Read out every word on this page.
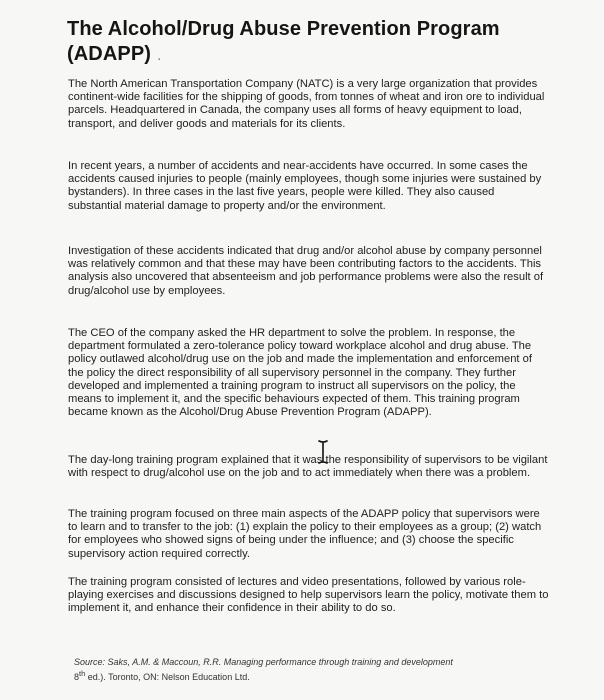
The Alcohol/Drug Abuse Prevention Program (ADAPP) .

The North American Transportation Company (NATC) is a very large organization that provides continent-wide facilities for the shipping of goods, from tonnes of wheat and iron ore to individual parcels. Headquartered in Canada, the company uses all forms of heavy equipment to load, transport, and deliver goods and materials for its clients.

In recent years, a number of accidents and near-accidents have occurred. In some cases the accidents caused injuries to people (mainly employees, though some injuries were sustained by bystanders). In three cases in the last five years, people were killed. They also caused substantial material damage to property and/or the environment.

Investigation of these accidents indicated that drug and/or alcohol abuse by company personnel was relatively common and that these may have been contributing factors to the accidents. This analysis also uncovered that absenteeism and job performance problems were also the result of drug/alcohol use by employees.

The CEO of the company asked the HR department to solve the problem. In response, the department formulated a zero-tolerance policy toward workplace alcohol and drug abuse. The policy outlawed alcohol/drug use on the job and made the implementation and enforcement of the policy the direct responsibility of all supervisory personnel in the company. They further developed and implemented a training program to instruct all supervisors on the policy, the means to implement it, and the specific behaviours expected of them. This training program became known as the Alcohol/Drug Abuse Prevention Program (ADAPP).

The day-long training program explained that it was the responsibility of supervisors to be vigilant with respect to drug/alcohol use on the job and to act immediately when there was a problem.

The training program focused on three main aspects of the ADAPP policy that supervisors were to learn and to transfer to the job: (1) explain the policy to their employees as a group; (2) watch for employees who showed signs of being under the influence; and (3) choose the specific supervisory action required correctly.

The training program consisted of lectures and video presentations, followed by various role-playing exercises and discussions designed to help supervisors learn the policy, motivate them to implement it, and enhance their confidence in their ability to do so.

Source: Saks, A.M. & Maccoun, R.R. Managing performance through training and development
8th ed.). Toronto, ON: Nelson Education Ltd.
